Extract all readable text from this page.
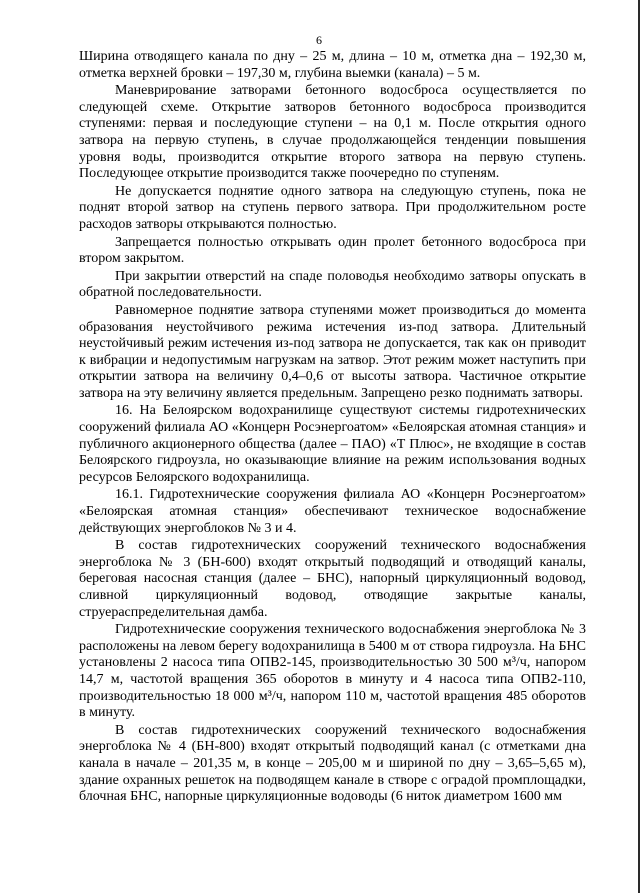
6

Ширина отводящего канала по дну – 25 м, длина – 10 м, отметка дна – 192,30 м, отметка верхней бровки – 197,30 м, глубина выемки (канала) – 5 м.

Маневрирование затворами бетонного водосброса осуществляется по следующей схеме. Открытие затворов бетонного водосброса производится ступенями: первая и последующие ступени – на 0,1 м. После открытия одного затвора на первую ступень, в случае продолжающейся тенденции повышения уровня воды, производится открытие второго затвора на первую ступень. Последующее открытие производится также поочередно по ступеням.

Не допускается поднятие одного затвора на следующую ступень, пока не поднят второй затвор на ступень первого затвора. При продолжительном росте расходов затворы открываются полностью.

Запрещается полностью открывать один пролет бетонного водосброса при втором закрытом.

При закрытии отверстий на спаде половодья необходимо затворы опускать в обратной последовательности.

Равномерное поднятие затвора ступенями может производиться до момента образования неустойчивого режима истечения из-под затвора. Длительный неустойчивый режим истечения из-под затвора не допускается, так как он приводит к вибрации и недопустимым нагрузкам на затвор. Этот режим может наступить при открытии затвора на величину 0,4–0,6 от высоты затвора. Частичное открытие затвора на эту величину является предельным. Запрещено резко поднимать затворы.

16. На Белоярском водохранилище существуют системы гидротехнических сооружений филиала АО «Концерн Росэнергоатом» «Белоярская атомная станция» и публичного акционерного общества (далее – ПАО) «Т Плюс», не входящие в состав Белоярского гидроузла, но оказывающие влияние на режим использования водных ресурсов Белоярского водохранилища.

16.1. Гидротехнические сооружения филиала АО «Концерн Росэнергоатом» «Белоярская атомная станция» обеспечивают техническое водоснабжение действующих энергоблоков № 3 и 4.

В состав гидротехнических сооружений технического водоснабжения энергоблока № 3 (БН-600) входят открытый подводящий и отводящий каналы, береговая насосная станция (далее – БНС), напорный циркуляционный водовод, сливной циркуляционный водовод, отводящие закрытые каналы, струераспределительная дамба.

Гидротехнические сооружения технического водоснабжения энергоблока № 3 расположены на левом берегу водохранилища в 5400 м от створа гидроузла. На БНС установлены 2 насоса типа ОПВ2-145, производительностью 30 500 м³/ч, напором 14,7 м, частотой вращения 365 оборотов в минуту и 4 насоса типа ОПВ2-110, производительностью 18 000 м³/ч, напором 110 м, частотой вращения 485 оборотов в минуту.

В состав гидротехнических сооружений технического водоснабжения энергоблока № 4 (БН-800) входят открытый подводящий канал (с отметками дна канала в начале – 201,35 м, в конце – 205,00 м и шириной по дну – 3,65–5,65 м), здание охранных решеток на подводящем канале в створе с оградой промплощадки, блочная БНС, напорные циркуляционные водоводы (6 ниток диаметром 1600 мм
